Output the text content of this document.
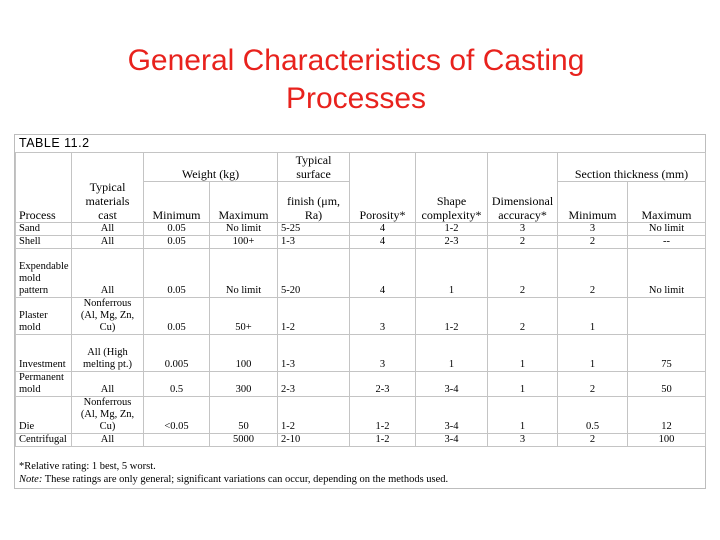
General Characteristics of Casting
Processes
TABLE 11.2
Process	Typical materials cast	Weight (kg)		Typical surface	Porosity*	Shape complexity*	Dimensional accuracy*	Section thickness (mm)	
		Minimum	Maximum	finish (μm, Ra)				Minimum	Maximum
Sand	All	0.05	No limit	5-25	4	1-2	3	3	No limit
Shell	All	0.05	100+	1-3	4	2-3	2	2	--
Expendable mold pattern	All	0.05	No limit	5-20	4	1	2	2	No limit
Plaster mold	Nonferrous (Al, Mg, Zn, Cu)	0.05	50+	1-2	3	1-2	2	1	
Investment	All (High melting pt.)	0.005	100	1-3	3	1	1	1	75
Permanent mold	All	0.5	300	2-3	2-3	3-4	1	2	50
Die	Nonferrous (Al, Mg, Zn, Cu)	<0.05	50	1-2	1-2	3-4	1	0.5	12
Centrifugal	All		5000	2-10	1-2	3-4	3	2	100
*Relative rating: 1 best, 5 worst.
Note: These ratings are only general; significant variations can occur, depending on the methods used.
